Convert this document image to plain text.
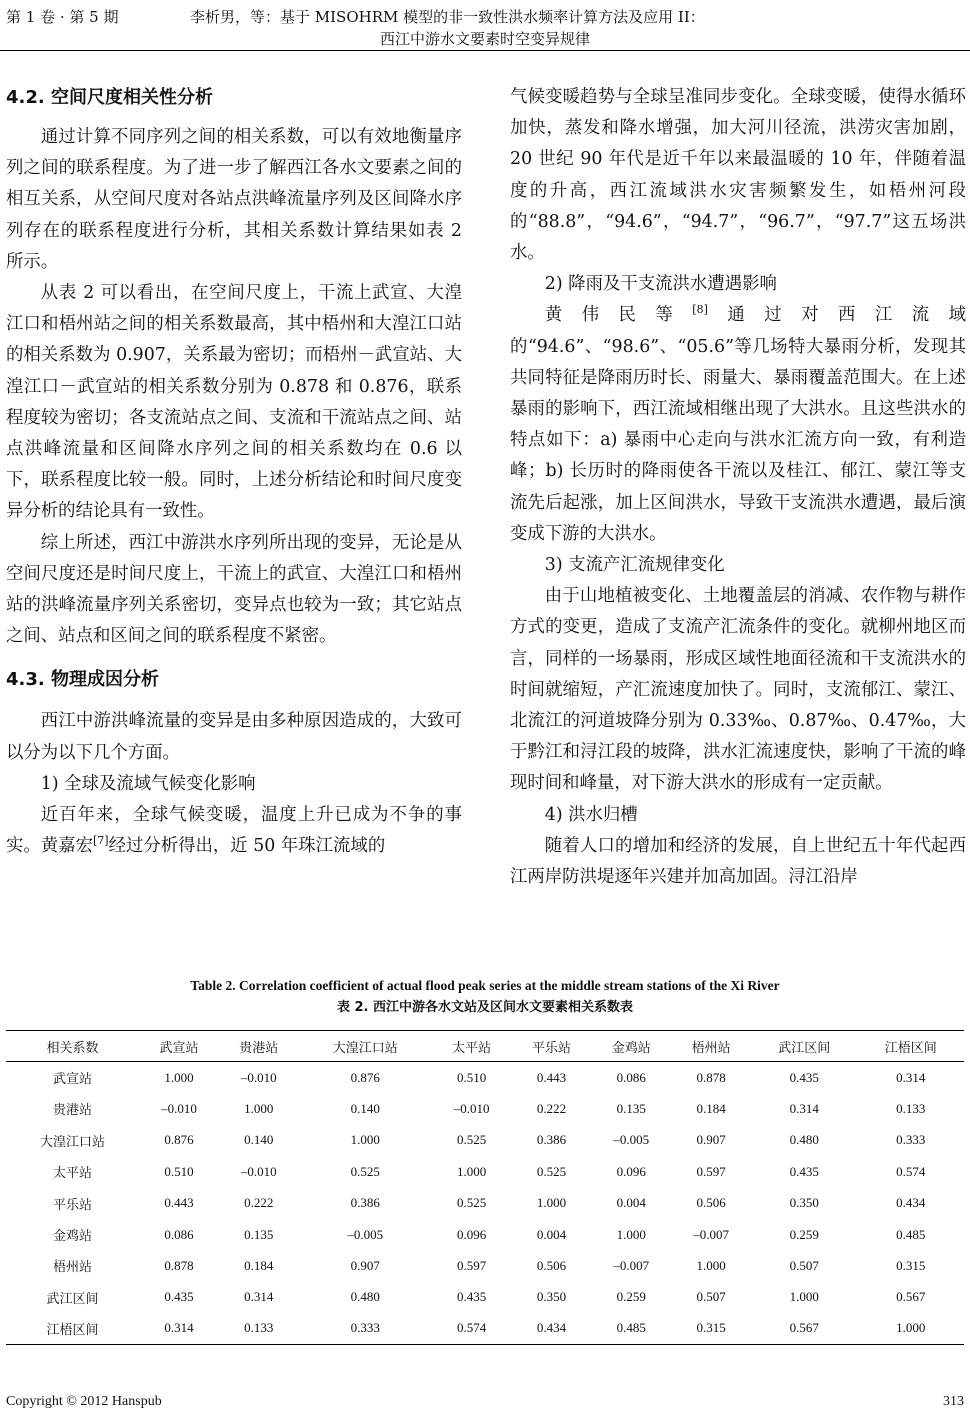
第 1 卷 · 第 5 期	李析男，等：基于 MISOHRM 模型的非一致性洪水频率计算方法及应用 II：
西江中游水文要素时空变异规律
4.2. 空间尺度相关性分析

通过计算不同序列之间的相关系数，可以有效地衡量序列之间的联系程度。为了进一步了解西江各水文要素之间的相互关系，从空间尺度对各站点洪峰流量序列及区间降水序列存在的联系程度进行分析，其相关系数计算结果如表 2 所示。

从表 2 可以看出，在空间尺度上，干流上武宣、大湟江口和梧州站之间的相关系数最高，其中梧州和大湟江口站的相关系数为 0.907，关系最为密切；而梧州－武宣站、大湟江口－武宣站的相关系数分别为 0.878 和 0.876，联系程度较为密切；各支流站点之间、支流和干流站点之间、站点洪峰流量和区间降水序列之间的相关系数均在 0.6 以下，联系程度比较一般。同时，上述分析结论和时间尺度变异分析的结论具有一致性。

综上所述，西江中游洪水序列所出现的变异，无论是从空间尺度还是时间尺度上，干流上的武宣、大湟江口和梧州站的洪峰流量序列关系密切，变异点也较为一致；其它站点之间、站点和区间之间的联系程度不紧密。

4.3. 物理成因分析

西江中游洪峰流量的变异是由多种原因造成的，大致可以分为以下几个方面。

1) 全球及流域气候变化影响

近百年来，全球气候变暖，温度上升已成为不争的事实。黄嘉宏[7]经过分析得出，近 50 年珠江流域的

气候变暖趋势与全球呈准同步变化。全球变暖，使得水循环加快，蒸发和降水增强，加大河川径流，洪涝灾害加剧，20 世纪 90 年代是近千年以来最温暖的 10 年，伴随着温度的升高，西江流域洪水灾害频繁发生，如梧州河段的“88.8”，“94.6”，“94.7”，“96.7”，“97.7”这五场洪水。

2) 降雨及干支流洪水遭遇影响

黄伟民等[8]通过对西江流域的“94.6”、“98.6”、“05.6”等几场特大暴雨分析，发现其共同特征是降雨历时长、雨量大、暴雨覆盖范围大。在上述暴雨的影响下，西江流域相继出现了大洪水。且这些洪水的特点如下：a) 暴雨中心走向与洪水汇流方向一致，有利造峰；b) 长历时的降雨使各干流以及桂江、郁江、蒙江等支流先后起涨，加上区间洪水，导致干支流洪水遭遇，最后演变成下游的大洪水。

3) 支流产汇流规律变化

由于山地植被变化、土地覆盖层的消减、农作物与耕作方式的变更，造成了支流产汇流条件的变化。就柳州地区而言，同样的一场暴雨，形成区域性地面径流和干支流洪水的时间就缩短，产汇流速度加快了。同时，支流郁江、蒙江、北流江的河道坡降分别为 0.33‰、0.87‰、0.47‰，大于黔江和浔江段的坡降，洪水汇流速度快，影响了干流的峰现时间和峰量，对下游大洪水的形成有一定贡献。

4) 洪水归槽

随着人口的增加和经济的发展，自上世纪五十年代起西江两岸防洪堤逐年兴建并加高加固。浔江沿岸

Table 2. Correlation coefficient of actual flood peak series at the middle stream stations of the Xi River
表 2. 西江中游各水文站及区间水文要素相关系数表
相关系数	武宣站	贵港站	大湟江口站	太平站	平乐站	金鸡站	梧州站	武江区间	江梧区间
武宣站	1.000	–0.010	0.876	0.510	0.443	0.086	0.878	0.435	0.314
贵港站	–0.010	1.000	0.140	–0.010	0.222	0.135	0.184	0.314	0.133
大湟江口站	0.876	0.140	1.000	0.525	0.386	–0.005	0.907	0.480	0.333
太平站	0.510	–0.010	0.525	1.000	0.525	0.096	0.597	0.435	0.574
平乐站	0.443	0.222	0.386	0.525	1.000	0.004	0.506	0.350	0.434
金鸡站	0.086	0.135	–0.005	0.096	0.004	1.000	–0.007	0.259	0.485
梧州站	0.878	0.184	0.907	0.597	0.506	–0.007	1.000	0.507	0.315
武江区间	0.435	0.314	0.480	0.435	0.350	0.259	0.507	1.000	0.567
江梧区间	0.314	0.133	0.333	0.574	0.434	0.485	0.315	0.567	1.000
Copyright © 2012 Hanspub	313
